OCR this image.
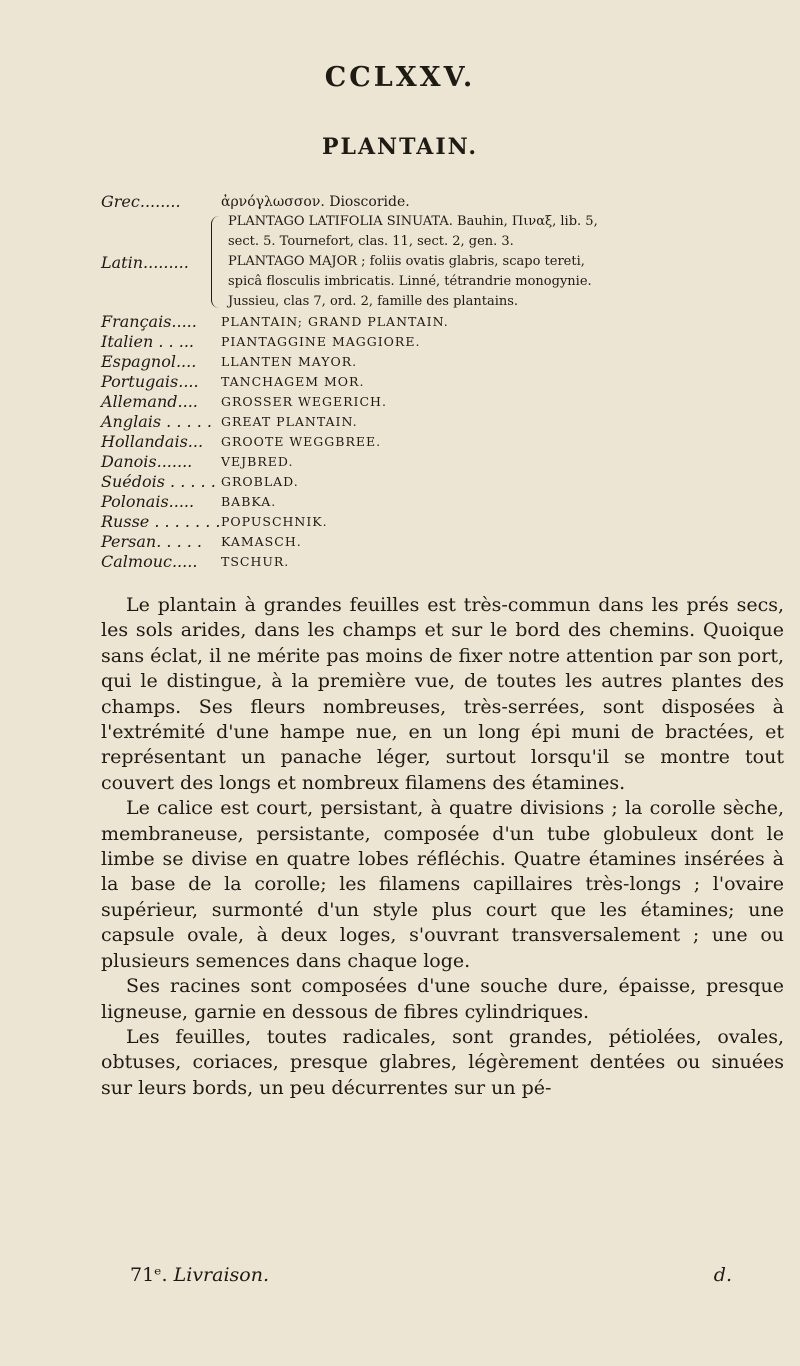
CCLXXV.
PLANTAIN.
Grec........	ἀρνόγλωσσον. Dioscoride.
Latin.........
PLANTAGO LATIFOLIA SINUATA. Bauhin, Πιναξ, lib. 5,
sect. 5. Tournefort, clas. 11, sect. 2, gen. 3.
PLANTAGO MAJOR ; foliis ovatis glabris, scapo tereti,
spicâ flosculis imbricatis. Linné, tétrandrie monogynie.
Jussieu, clas 7, ord. 2, famille des plantains.
Français.....	PLANTAIN; GRAND PLANTAIN.
Italien . . ...	PIANTAGGINE MAGGIORE.
Espagnol....	LLANTEN MAYOR.
Portugais....	TANCHAGEM MOR.
Allemand....	GROSSER WEGERICH.
Anglais . . . . . GREAT PLANTAIN.
Hollandais...	GROOTE WEGGBREE.
Danois.......	VEJBRED.
Suédois . . . . . GROBLAD.
Polonais.....	BABKA.
Russe . . . . . . . POPUSCHNIK.
Persan. . . . .	KAMASCH.
Calmouc.....	TSCHUR.

Le plantain à grandes feuilles est très-commun dans les prés secs, les sols arides, dans les champs et sur le bord des chemins. Quoique sans éclat, il ne mérite pas moins de fixer notre attention par son port, qui le distingue, à la première vue, de toutes les autres plantes des champs. Ses fleurs nombreuses, très-serrées, sont disposées à l'extrémité d'une hampe nue, en un long épi muni de bractées, et représentant un panache léger, surtout lorsqu'il se montre tout couvert des longs et nombreux filamens des étamines.

Le calice est court, persistant, à quatre divisions ; la corolle sèche, membraneuse, persistante, composée d'un tube globuleux dont le limbe se divise en quatre lobes réfléchis. Quatre étamines insérées à la base de la corolle; les filamens capillaires très-longs ; l'ovaire supérieur, surmonté d'un style plus court que les étamines; une capsule ovale, à deux loges, s'ouvrant transversalement ; une ou plusieurs semences dans chaque loge.

Ses racines sont composées d'une souche dure, épaisse, presque ligneuse, garnie en dessous de fibres cylindriques.

Les feuilles, toutes radicales, sont grandes, pétiolées, ovales, obtuses, coriaces, presque glabres, légèrement dentées ou sinuées sur leurs bords, un peu décurrentes sur un pé-

71ᵉ. Livraison.	d.
